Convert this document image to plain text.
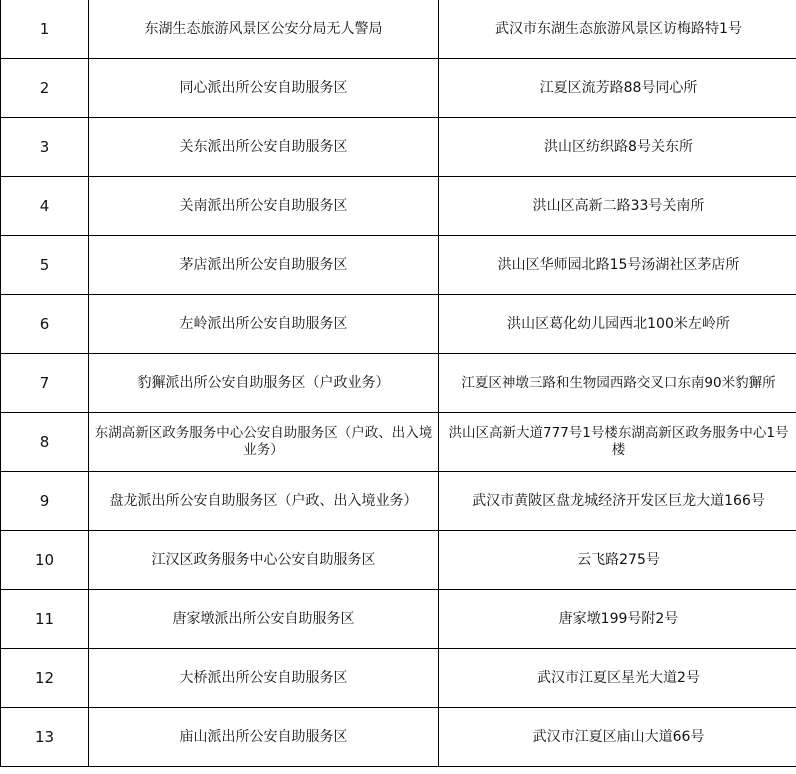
1	东湖生态旅游风景区公安分局无人警局	武汉市东湖生态旅游风景区访梅路特1号
2	同心派出所公安自助服务区	江夏区流芳路88号同心所
3	关东派出所公安自助服务区	洪山区纺织路8号关东所
4	关南派出所公安自助服务区	洪山区高新二路33号关南所
5	茅店派出所公安自助服务区	洪山区华师园北路15号汤湖社区茅店所
6	左岭派出所公安自助服务区	洪山区葛化幼儿园西北100米左岭所
7	豹獬派出所公安自助服务区（户政业务）	江夏区神墩三路和生物园西路交叉口东南90米豹獬所
8	东湖高新区政务服务中心公安自助服务区（户政、出入境业务）	洪山区高新大道777号1号楼东湖高新区政务服务中心1号楼
9	盘龙派出所公安自助服务区（户政、出入境业务）	武汉市黄陂区盘龙城经济开发区巨龙大道166号
10	江汉区政务服务中心公安自助服务区	云飞路275号
11	唐家墩派出所公安自助服务区	唐家墩199号附2号
12	大桥派出所公安自助服务区	武汉市江夏区星光大道2号
13	庙山派出所公安自助服务区	武汉市江夏区庙山大道66号
